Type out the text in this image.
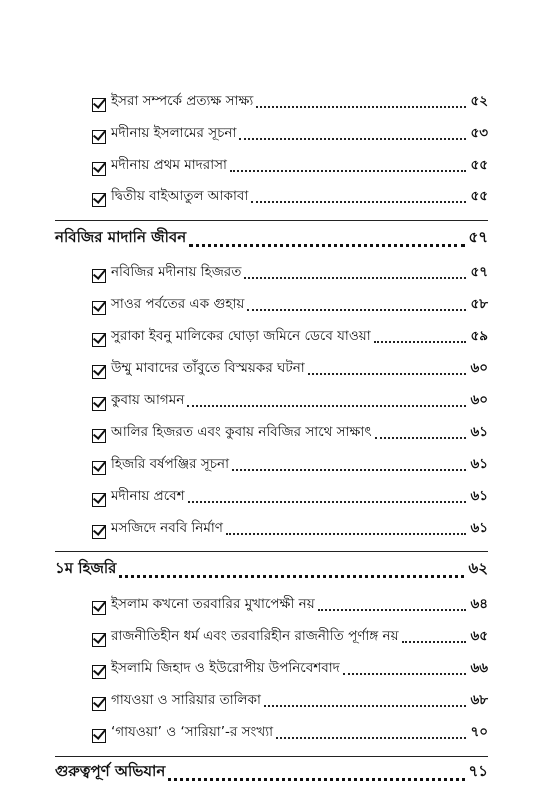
ইসরা সম্পর্কে প্রত্যক্ষ সাক্ষ্য	৫২
মদীনায় ইসলামের সূচনা	৫৩
মদীনায় প্রথম মাদরাসা	৫৫
দ্বিতীয় বাইআতুল আকাবা	৫৫
নবিজির মাদানি জীবন	৫৭
নবিজির মদীনায় হিজরত	৫৭
সাওর পর্বতের এক গুহায়	৫৮
সুরাকা ইবনু মালিকের ঘোড়া জমিনে ডেবে যাওয়া	৫৯
উম্মু মাবাদের তাঁবুতে বিস্ময়কর ঘটনা	৬০
কুবায় আগমন	৬০
আলির হিজরত এবং কুবায় নবিজির সাথে সাক্ষাৎ	৬১
হিজরি বর্ষপঞ্জির সূচনা	৬১
মদীনায় প্রবেশ	৬১
মসজিদে নববি নির্মাণ	৬১
১ম হিজরি	৬২
ইসলাম কখনো তরবারির মুখাপেক্ষী নয়	৬৪
রাজনীতিহীন ধর্ম এবং তরবারিহীন রাজনীতি পূর্ণাঙ্গ নয়	৬৫
ইসলামি জিহাদ ও ইউরোপীয় উপনিবেশবাদ	৬৬
গাযওয়া ও সারিয়ার তালিকা	৬৮
‘গাযওয়া’ ও ‘সারিয়া’-র সংখ্যা	৭০
গুরুত্বপূর্ণ অভিযান	৭১
